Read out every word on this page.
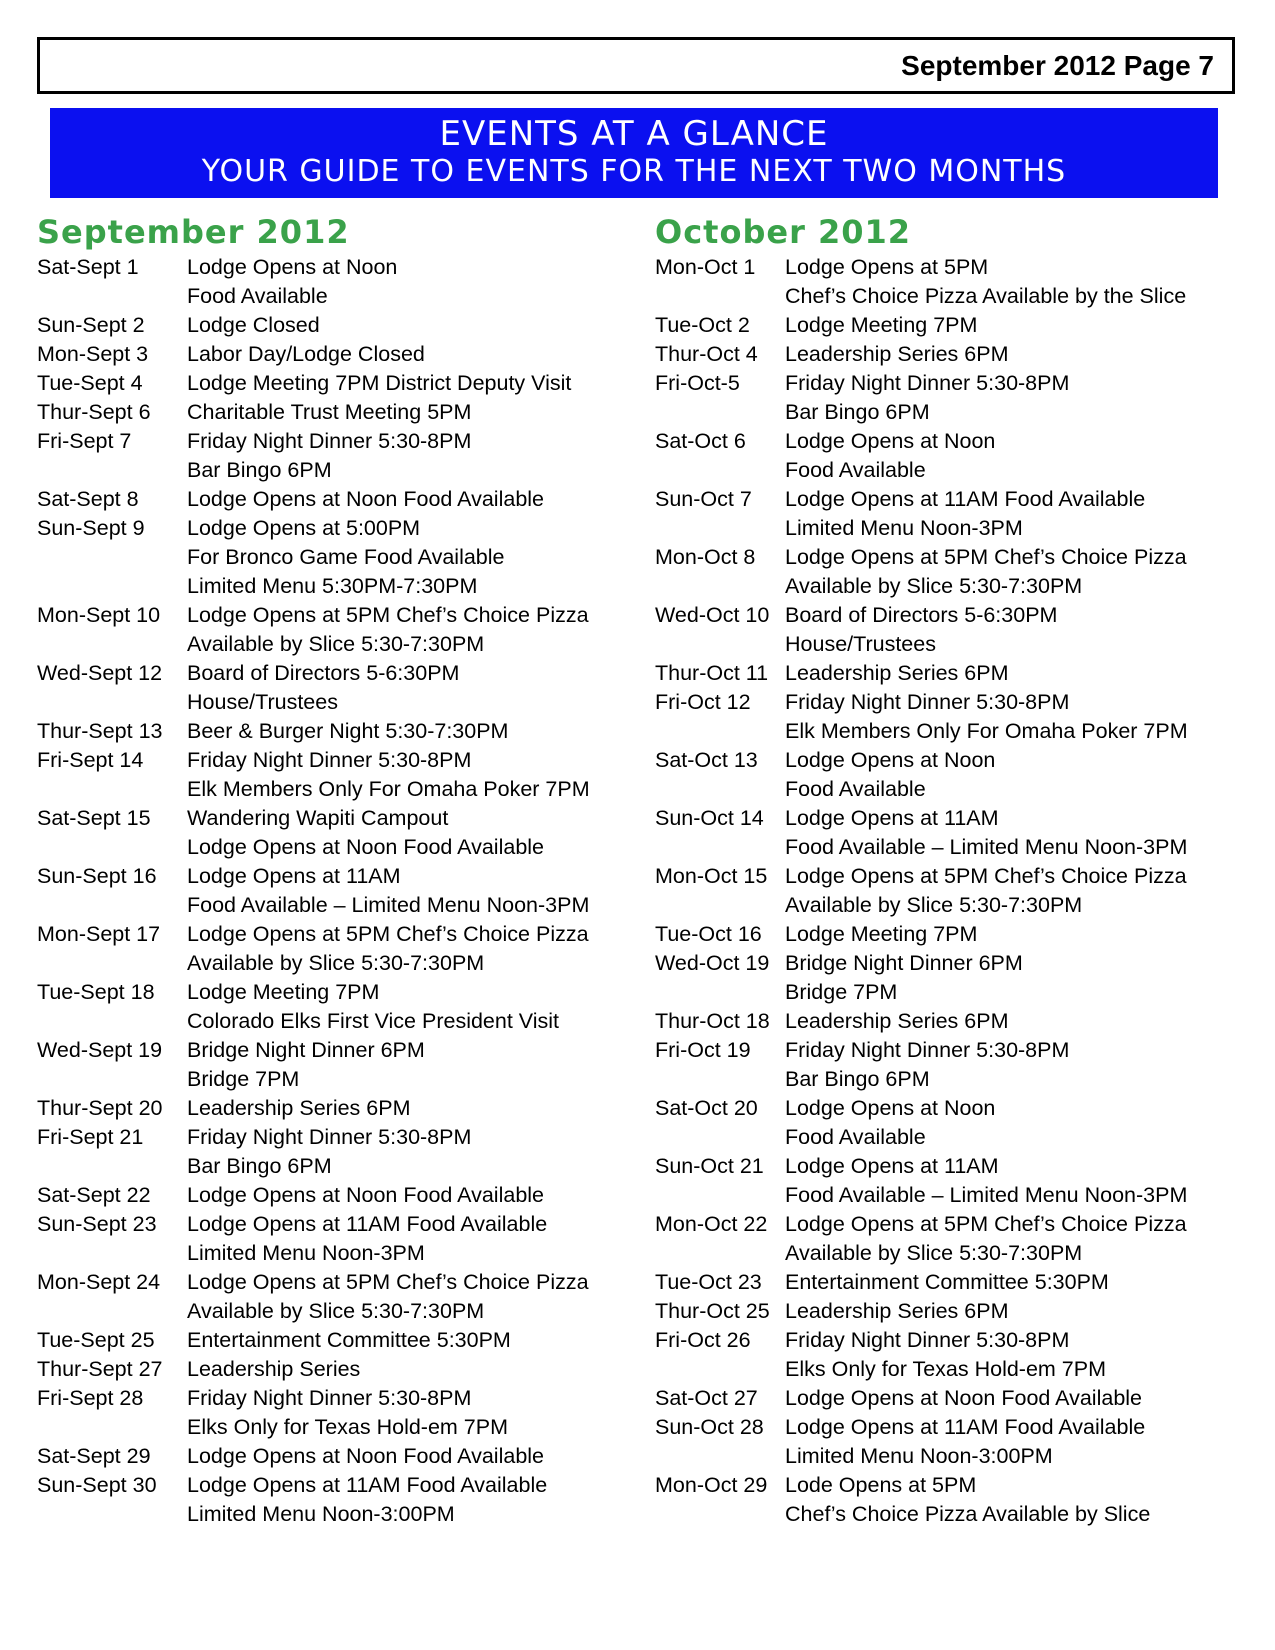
September 2012 Page 7
EVENTS AT A GLANCE
YOUR GUIDE TO EVENTS FOR THE NEXT TWO MONTHS
September 2012
Sat-Sept 1	Lodge Opens at Noon
Food Available
Sun-Sept 2	Lodge Closed
Mon-Sept 3	Labor Day/Lodge Closed
Tue-Sept 4	Lodge Meeting 7PM District Deputy Visit
Thur-Sept 6	Charitable Trust Meeting 5PM
Fri-Sept 7	Friday Night Dinner 5:30-8PM
Bar Bingo 6PM
Sat-Sept 8	Lodge Opens at Noon Food Available
Sun-Sept 9	Lodge Opens at 5:00PM
For Bronco Game Food Available
Limited Menu 5:30PM-7:30PM
Mon-Sept 10	Lodge Opens at 5PM Chef’s Choice Pizza
Available by Slice 5:30-7:30PM
Wed-Sept 12	Board of Directors 5-6:30PM
House/Trustees
Thur-Sept 13	Beer & Burger Night 5:30-7:30PM
Fri-Sept 14	Friday Night Dinner 5:30-8PM
Elk Members Only For Omaha Poker 7PM
Sat-Sept 15	Wandering Wapiti Campout
Lodge Opens at Noon Food Available
Sun-Sept 16	Lodge Opens at 11AM
Food Available – Limited Menu Noon-3PM
Mon-Sept 17	Lodge Opens at 5PM Chef’s Choice Pizza
Available by Slice 5:30-7:30PM
Tue-Sept 18	Lodge Meeting 7PM
Colorado Elks First Vice President Visit
Wed-Sept 19	Bridge Night Dinner 6PM
Bridge 7PM
Thur-Sept 20	Leadership Series 6PM
Fri-Sept 21	Friday Night Dinner 5:30-8PM
Bar Bingo 6PM
Sat-Sept 22	Lodge Opens at Noon Food Available
Sun-Sept 23	Lodge Opens at 11AM Food Available
Limited Menu Noon-3PM
Mon-Sept 24	Lodge Opens at 5PM Chef’s Choice Pizza
Available by Slice 5:30-7:30PM
Tue-Sept 25	Entertainment Committee 5:30PM
Thur-Sept 27	Leadership Series
Fri-Sept 28	Friday Night Dinner 5:30-8PM
Elks Only for Texas Hold-em 7PM
Sat-Sept 29	Lodge Opens at Noon Food Available
Sun-Sept 30	Lodge Opens at 11AM Food Available
Limited Menu Noon-3:00PM
October 2012
Mon-Oct 1	Lodge Opens at 5PM
Chef’s Choice Pizza Available by the Slice
Tue-Oct 2	Lodge Meeting 7PM
Thur-Oct 4	Leadership Series 6PM
Fri-Oct-5	Friday Night Dinner 5:30-8PM
Bar Bingo 6PM
Sat-Oct 6	Lodge Opens at Noon
Food Available
Sun-Oct 7	Lodge Opens at 11AM Food Available
Limited Menu Noon-3PM
Mon-Oct 8	Lodge Opens at 5PM Chef’s Choice Pizza
Available by Slice 5:30-7:30PM
Wed-Oct 10 Board of Directors 5-6:30PM
House/Trustees
Thur-Oct 11 Leadership Series 6PM
Fri-Oct 12	Friday Night Dinner 5:30-8PM
Elk Members Only For Omaha Poker 7PM
Sat-Oct 13	Lodge Opens at Noon
Food Available
Sun-Oct 14 Lodge Opens at 11AM
Food Available – Limited Menu Noon-3PM
Mon-Oct 15 Lodge Opens at 5PM Chef’s Choice Pizza
Available by Slice 5:30-7:30PM
Tue-Oct 16	Lodge Meeting 7PM
Wed-Oct 19 Bridge Night Dinner 6PM
Bridge 7PM
Thur-Oct 18 Leadership Series 6PM
Fri-Oct 19	Friday Night Dinner 5:30-8PM
Bar Bingo 6PM
Sat-Oct 20	Lodge Opens at Noon
Food Available
Sun-Oct 21 Lodge Opens at 11AM
Food Available – Limited Menu Noon-3PM
Mon-Oct 22 Lodge Opens at 5PM Chef’s Choice Pizza
Available by Slice 5:30-7:30PM
Tue-Oct 23	Entertainment Committee 5:30PM
Thur-Oct 25 Leadership Series 6PM
Fri-Oct 26	Friday Night Dinner 5:30-8PM
Elks Only for Texas Hold-em 7PM
Sat-Oct 27	Lodge Opens at Noon Food Available
Sun-Oct 28 Lodge Opens at 11AM Food Available
Limited Menu Noon-3:00PM
Mon-Oct 29 Lode Opens at 5PM
Chef’s Choice Pizza Available by Slice
